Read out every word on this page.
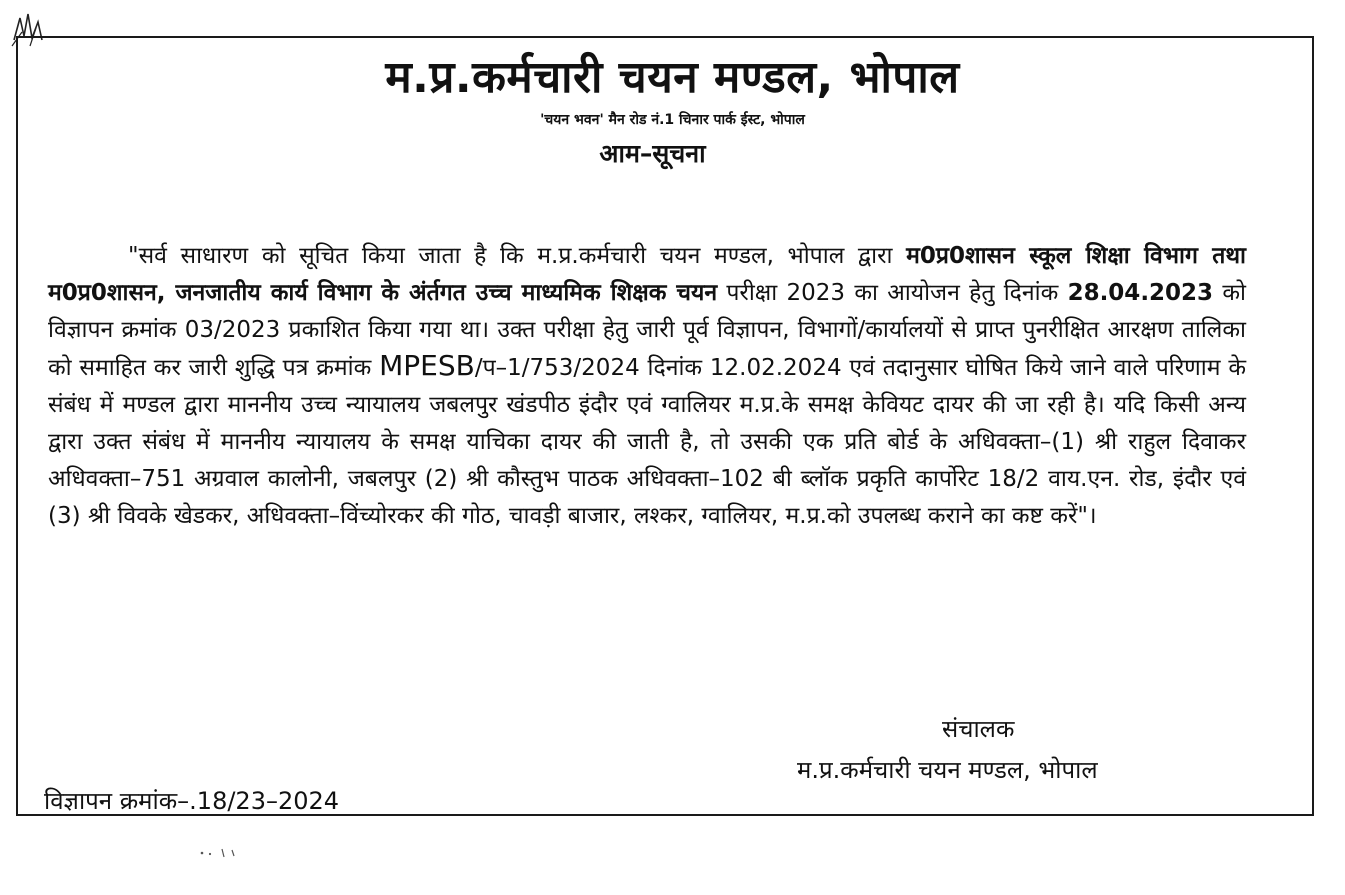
म.प्र.कर्मचारी चयन मण्डल, भोपाल
'चयन भवन' मैन रोड नं.1 चिनार पार्क ईस्ट, भोपाल
आम–सूचना

"सर्व साधारण को सूचित किया जाता है कि म.प्र.कर्मचारी चयन मण्डल, भोपाल द्वारा म0प्र0शासन स्कूल शिक्षा विभाग तथा म0प्र0शासन, जनजातीय कार्य विभाग के अंर्तगत उच्च माध्यमिक शिक्षक चयन परीक्षा 2023 का आयोजन हेतु दिनांक 28.04.2023 को विज्ञापन क्रमांक 03/2023 प्रकाशित किया गया था। उक्त परीक्षा हेतु जारी पूर्व विज्ञापन, विभागों/कार्यालयों से प्राप्त पुनरीक्षित आरक्षण तालिका को समाहित कर जारी शुद्धि पत्र क्रमांक MPESB/प–1/753/2024 दिनांक 12.02.2024 एवं तदानुसार घोषित किये जाने वाले परिणाम के संबंध में मण्डल द्वारा माननीय उच्च न्यायालय जबलपुर खंडपीठ इंदौर एवं ग्वालियर म.प्र.के समक्ष केवियट दायर की जा रही है। यदि किसी अन्य द्वारा उक्त संबंध में माननीय न्यायालय के समक्ष याचिका दायर की जाती है, तो उसकी एक प्रति बोर्ड के अधिवक्ता–(1) श्री राहुल दिवाकर अधिवक्ता–751 अग्रवाल कालोनी, जबलपुर (2) श्री कौस्तुभ पाठक अधिवक्ता–102 बी ब्लॉक प्रकृति कार्पोरेट 18/2 वाय.एन. रोड, इंदौर एवं (3) श्री विवके खेडकर, अधिवक्ता–विंच्योरकर की गोठ, चावड़ी बाजार, लश्कर, ग्वालियर, म.प्र.को उपलब्ध कराने का कष्ट करें"।

संचालक
म.प्र.कर्मचारी चयन मण्डल, भोपाल
विज्ञापन क्रमांक–.18/23–2024
